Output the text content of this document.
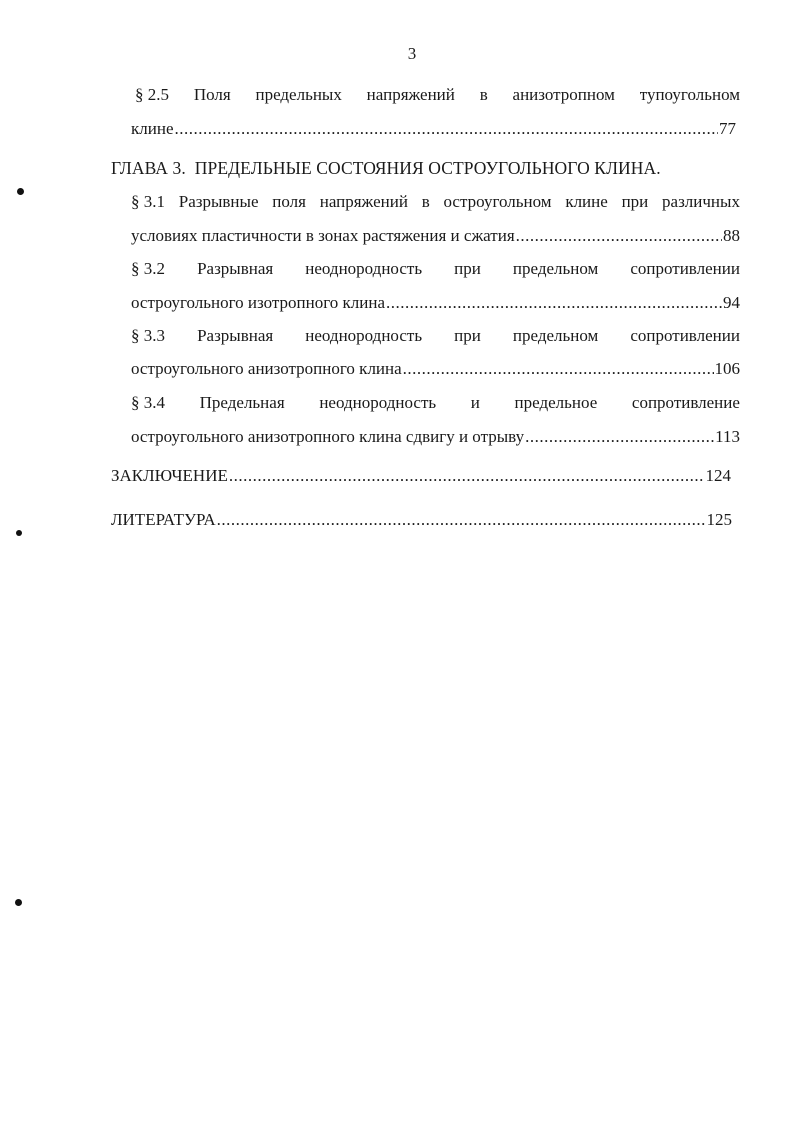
3
§ 2.5 Поля предельных напряжений в анизотропном тупоугольном
клине .....	77
ГЛАВА 3. ПРЕДЕЛЬНЫЕ СОСТОЯНИЯ ОСТРОУГОЛЬНОГО КЛИНА.
§ 3.1 Разрывные поля напряжений в остроугольном клине при различных
условиях пластичности в зонах растяжения и сжатия .....	88
§ 3.2 Разрывная неоднородность при предельном сопротивлении
остроугольного изотропного клина .....	94
§ 3.3 Разрывная неоднородность при предельном сопротивлении
остроугольного анизотропного клина .....	106
§ 3.4 Предельная неоднородность и предельное сопротивление
остроугольного анизотропного клина сдвигу и отрыву .....	113
ЗАКЛЮЧЕНИЕ .....	124
ЛИТЕРАТУРА .....	125
